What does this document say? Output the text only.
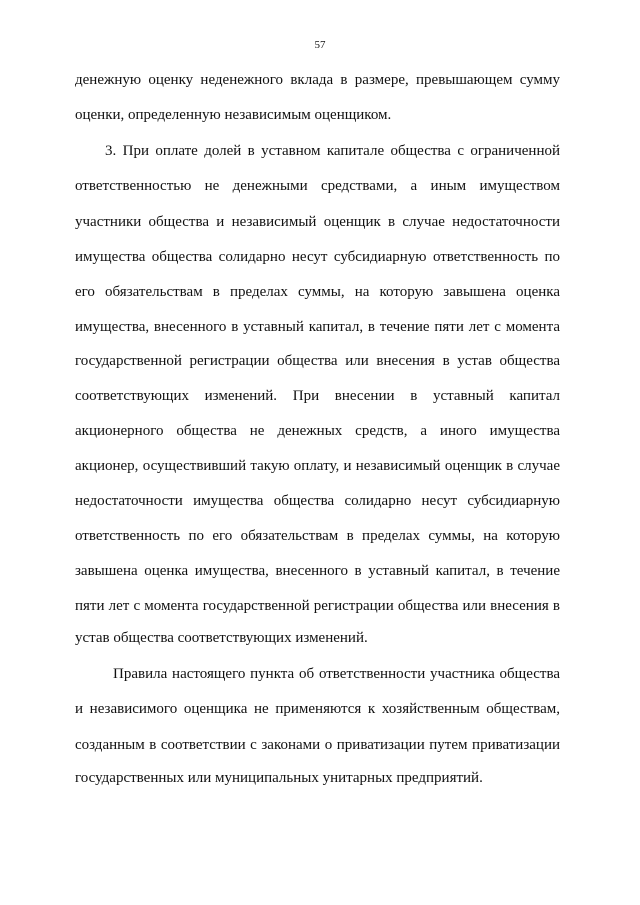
57
денежную оценку неденежного вклада в размере, превышающем сумму
оценки, определенную независимым оценщиком.
3. При оплате долей в уставном капитале общества с ограниченной
ответственностью не денежными средствами, а иным имуществом
участники общества и независимый оценщик в случае недостаточности
имущества общества солидарно несут субсидиарную ответственность по
его обязательствам в пределах суммы, на которую завышена оценка
имущества, внесенного в уставный капитал, в течение пяти лет с момента
государственной регистрации общества или внесения в устав общества
соответствующих изменений. При внесении в уставный капитал
акционерного общества не денежных средств, а иного имущества
акционер, осуществивший такую оплату, и независимый оценщик в случае
недостаточности имущества общества солидарно несут субсидиарную
ответственность по его обязательствам в пределах суммы, на которую
завышена оценка имущества, внесенного в уставный капитал, в течение
пяти лет с момента государственной регистрации общества или внесения в
устав общества соответствующих изменений.
Правила настоящего пункта об ответственности участника общества
и независимого оценщика не применяются к хозяйственным обществам,
созданным в соответствии с законами о приватизации путем приватизации
государственных или муниципальных унитарных предприятий.
